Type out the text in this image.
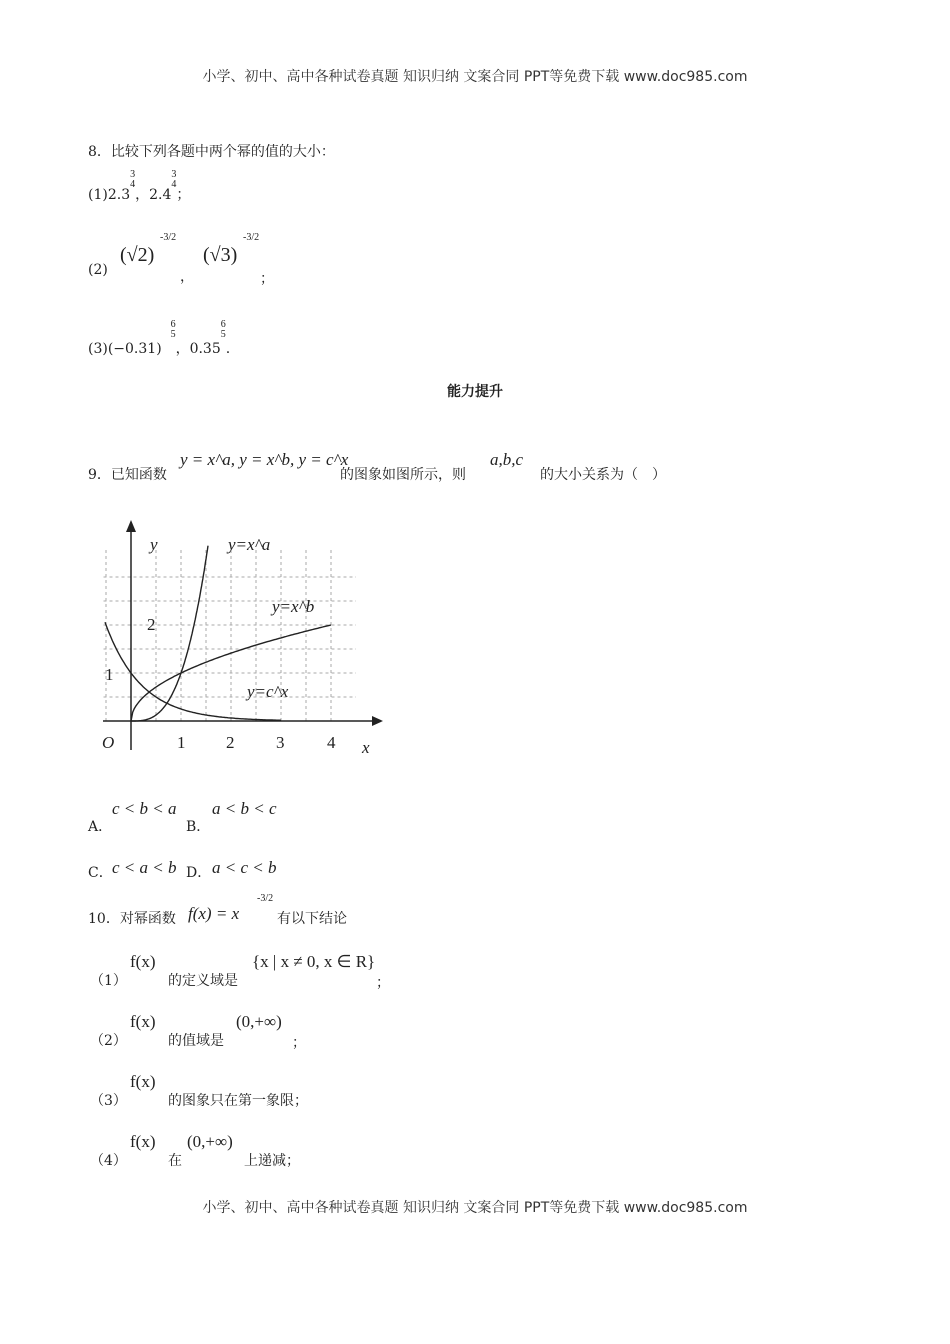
小学、初中、高中各种试卷真题 知识归纳 文案合同 PPT等免费下载 www.doc985.com
8．比较下列各题中两个幂的值的大小：
(1)2.3
3
4
，2.4
3
4
；
(2)
(√2)
-3/2
，
(√3)
-3/2
；
(3)(−0.31)
6
5
，0.35
6
5
.
能力提升
9．已知函数
y = x^a, y = x^b, y = c^x
的图象如图所示，则
a,b,c
的大小关系为（　）
y
x
O	1 2 3	4
1
2
y=x^a
y=x^b
y=c^x
A．
c < b < a
B．
a < b < c
C． c < a < b D． a < c < b
10．对幂函数 f(x) = x
-3/2
有以下结论
（1）
f(x)
的定义域是
{x | x ≠ 0, x ∈ R}
；
（2）
f(x)
的值域是
(0,+∞)
；
（3）
f(x)
的图象只在第一象限；
（4）
f(x)
在
(0,+∞)
上递减；
小学、初中、高中各种试卷真题 知识归纳 文案合同 PPT等免费下载 www.doc985.com
